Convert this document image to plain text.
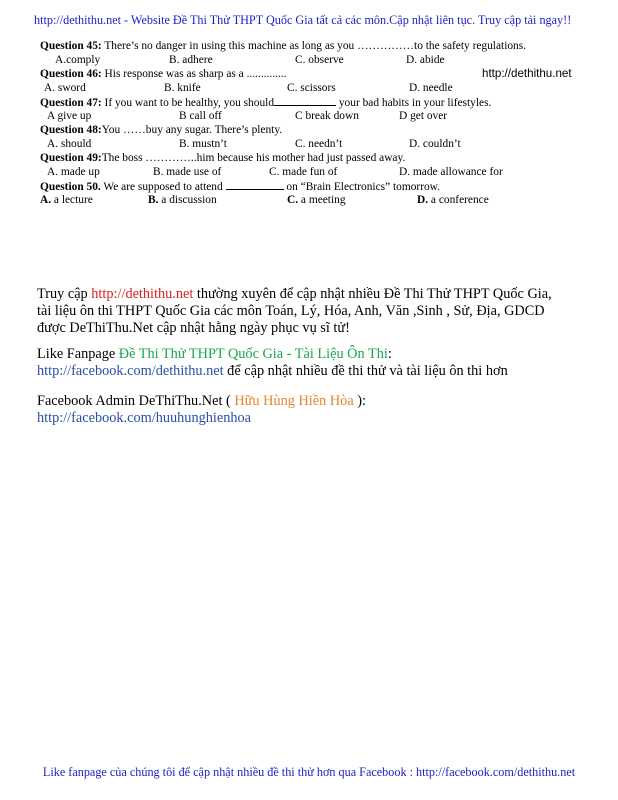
http://dethithu.net - Website Đề Thi Thử THPT Quốc Gia tất cả các môn.Cập nhật liên tục. Truy cập tải ngay!!
Question 45: There’s no danger in using this machine as long as you ……………to the safety regulations.
A.comply	B. adhere	C. observe	D. abide
Question 46: His response was as sharp as a ..............	http://dethithu.net
A. sword	B. knife	C. scissors	D. needle
Question 47: If you want to be healthy, you should	your bad habits in your lifestyles.
A give up	B call off	C break down	D get over
Question 48:You ……buy any sugar. There’s plenty.
A. should	B. mustn’t	C. needn’t	D. couldn’t
Question 49:The boss …………..him because his mother had just passed away.
A. made up	B. made use of	C. made fun of	D. made allowance for
Question 50. We are supposed to attend	on “Brain Electronics” tomorrow.
A. a lecture	B. a discussion	C. a meeting	D. a conference
Truy cập http://dethithu.net thường xuyên để cập nhật nhiều Đề Thi Thử THPT Quốc Gia,
tài liệu ôn thi THPT Quốc Gia các môn Toán, Lý, Hóa, Anh, Văn ,Sinh , Sử, Địa, GDCD
được DeThiThu.Net cập nhật hằng ngày phục vụ sĩ tử!
Like Fanpage Đề Thi Thử THPT Quốc Gia - Tài Liệu Ôn Thi:
http://facebook.com/dethithu.net để cập nhật nhiều đề thi thử và tài liệu ôn thi hơn
Facebook Admin DeThiThu.Net ( Hữu Hùng Hiền Hòa ):
http://facebook.com/huuhunghienhoa
Like fanpage của chúng tôi để cập nhật nhiều đề thi thử hơn qua Facebook : http://facebook.com/dethithu.net
